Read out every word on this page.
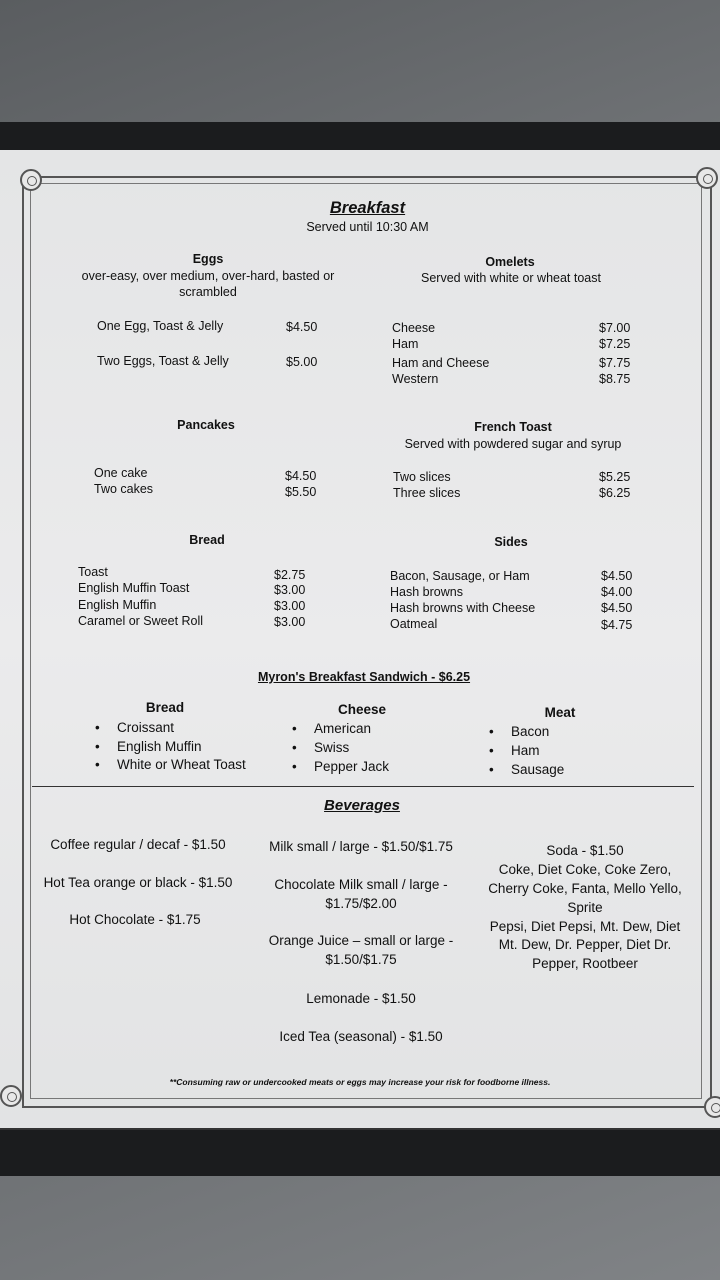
Breakfast
Served until 10:30 AM
Eggs
over-easy, over medium, over-hard, basted or
scrambled
One Egg, Toast & Jelly	$4.50
Two Eggs, Toast & Jelly	$5.00
Omelets
Served with white or wheat toast
Cheese	$7.00
Ham	$7.25
Ham and Cheese	$7.75
Western	$8.75
Pancakes
One cake	$4.50
Two cakes	$5.50
French Toast
Served with powdered sugar and syrup
Two slices	$5.25
Three slices	$6.25
Bread
Toast	$2.75
English Muffin Toast	$3.00
English Muffin	$3.00
Caramel or Sweet Roll	$3.00
Sides
Bacon, Sausage, or Ham	$4.50
Hash browns	$4.00
Hash browns with Cheese	$4.50
Oatmeal	$4.75
Myron's Breakfast Sandwich - $6.25
Bread
• Croissant
• English Muffin
• White or Wheat Toast
Cheese
• American
• Swiss
• Pepper Jack
Meat
• Bacon
• Ham
• Sausage
Beverages
Coffee regular / decaf - $1.50
Hot Tea orange or black - $1.50
Hot Chocolate - $1.75
Milk small / large - $1.50/$1.75
Chocolate Milk small / large -
$1.75/$2.00
Orange Juice – small or large -
$1.50/$1.75
Lemonade - $1.50
Iced Tea (seasonal) - $1.50
Soda - $1.50
Coke, Diet Coke, Coke Zero,
Cherry Coke, Fanta, Mello Yello,
Sprite
Pepsi, Diet Pepsi, Mt. Dew, Diet
Mt. Dew, Dr. Pepper, Diet Dr.
Pepper, Rootbeer
**Consuming raw or undercooked meats or eggs may increase your risk for foodborne illness.
